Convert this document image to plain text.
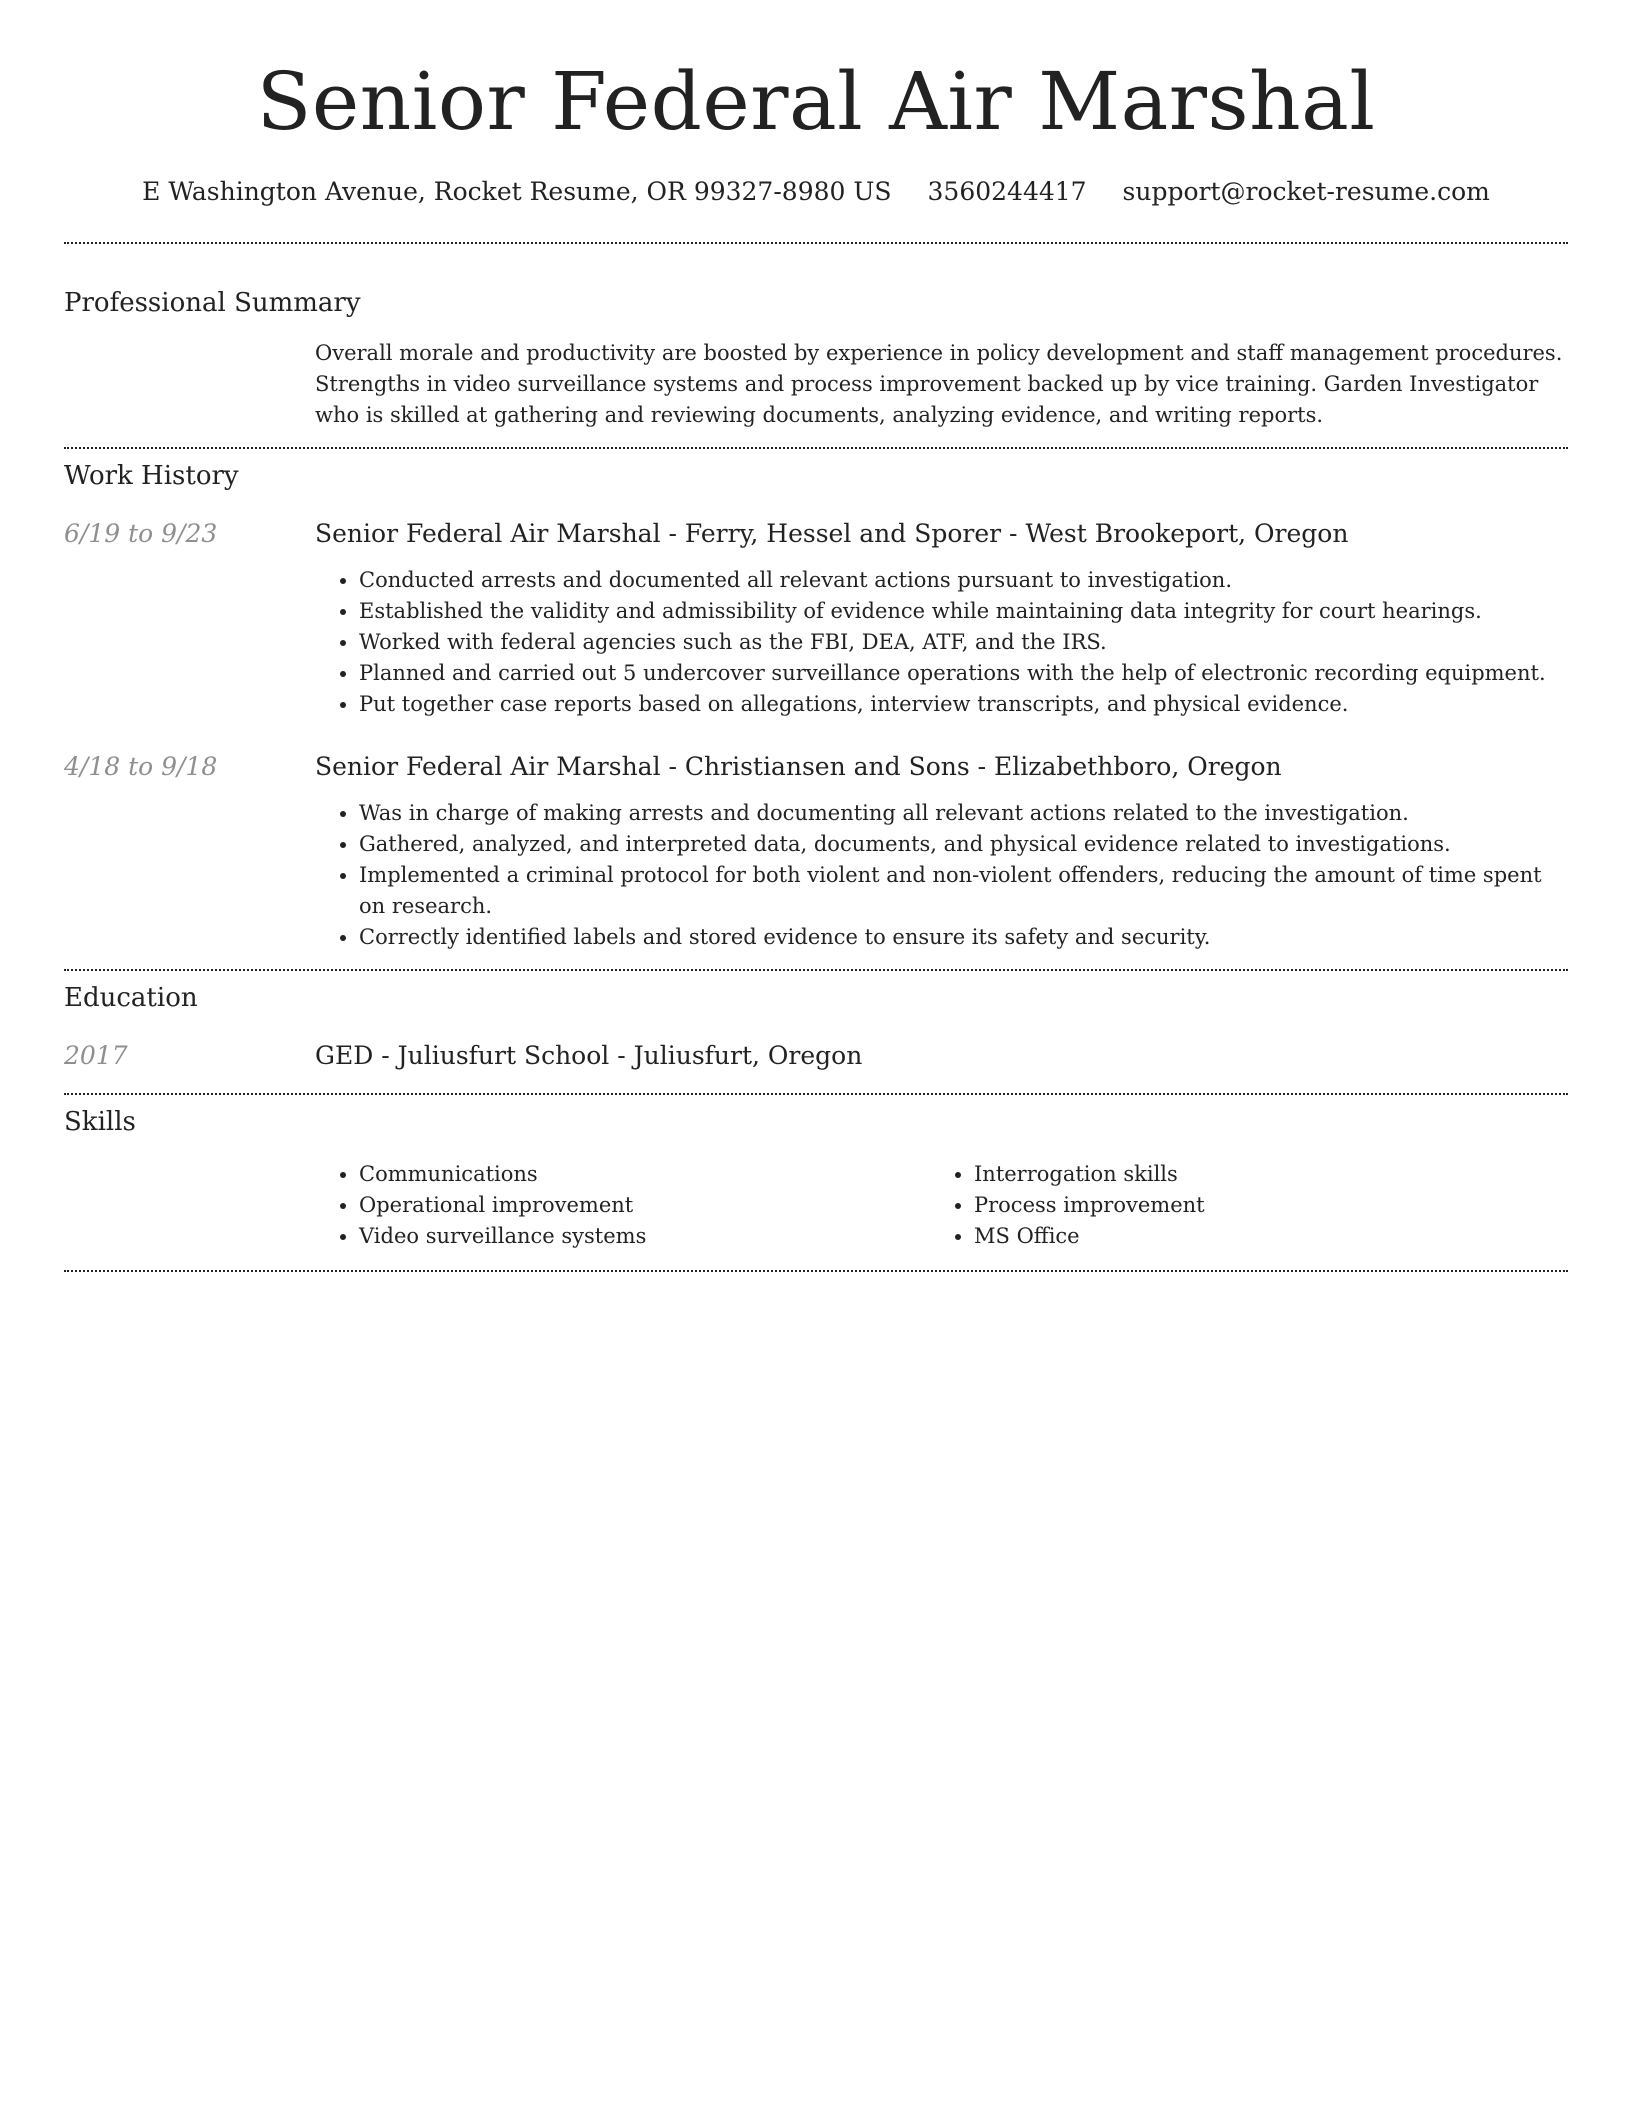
Senior Federal Air Marshal
E Washington Avenue, Rocket Resume, OR 99327-8980 US 3560244417 support@rocket-resume.com
Professional Summary

Overall morale and productivity are boosted by experience in policy development and staff management procedures. Strengths in video surveillance systems and process improvement backed up by vice training. Garden Investigator who is skilled at gathering and reviewing documents, analyzing evidence, and writing reports.

Work History
6/19 to 9/23	Senior Federal Air Marshal - Ferry, Hessel and Sporer - West Brookeport, Oregon

• Conducted arrests and documented all relevant actions pursuant to investigation.
• Established the validity and admissibility of evidence while maintaining data integrity for court hearings.
• Worked with federal agencies such as the FBI, DEA, ATF, and the IRS.
• Planned and carried out 5 undercover surveillance operations with the help of electronic recording equipment.
• Put together case reports based on allegations, interview transcripts, and physical evidence.
4/18 to 9/18	Senior Federal Air Marshal - Christiansen and Sons - Elizabethboro, Oregon

• Was in charge of making arrests and documenting all relevant actions related to the investigation.
• Gathered, analyzed, and interpreted data, documents, and physical evidence related to investigations.
• Implemented a criminal protocol for both violent and non-violent offenders, reducing the amount of time spent on research.
• Correctly identified labels and stored evidence to ensure its safety and security.
Education
2017	GED - Juliusfurt School - Juliusfurt, Oregon

Skills
• Communications
• Operational improvement
• Video surveillance systems
• Interrogation skills
• Process improvement
• MS Office
